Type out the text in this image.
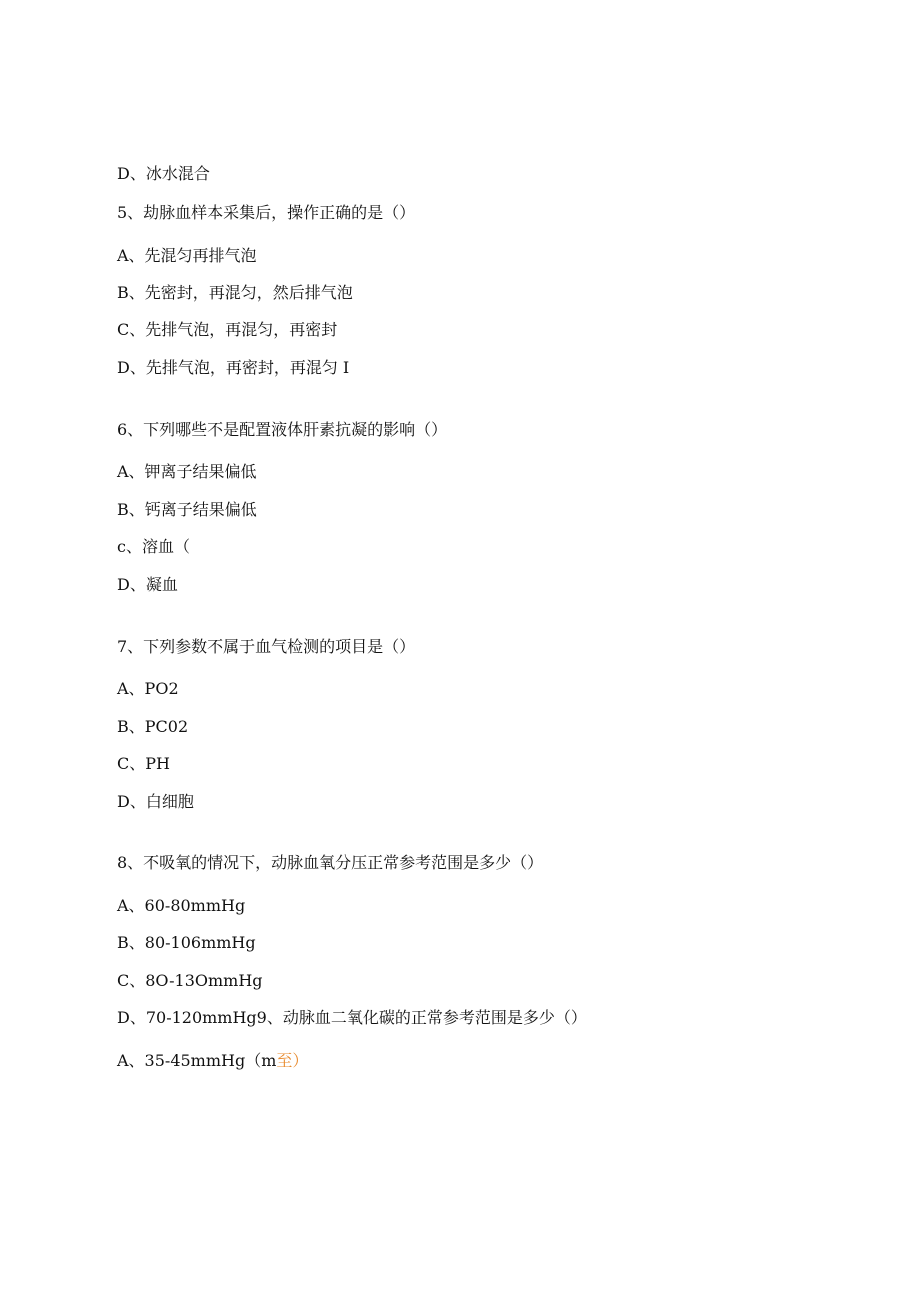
D、冰水混合
5、劫脉血样本采集后，操作正确的是（）
A、先混匀再排气泡
B、先密封，再混匀，然后排气泡
C、先排气泡，再混匀，再密封
D、先排气泡，再密封，再混匀 I
6、下列哪些不是配置液体肝素抗凝的影响（）
A、钾离子结果偏低
B、钙离子结果偏低
c、溶血（
D、凝血
7、下列参数不属于血气检测的项目是（）
A、PO2
B、PC02
C、PH
D、白细胞
8、不吸氧的情况下，动脉血氧分压正常参考范围是多少（）
A、60-80mmHg
B、80-106mmHg
C、8O-13OmmHg
D、70-120mmHg9、动脉血二氧化碳的正常参考范围是多少（）
A、35-45mmHg（m至）
